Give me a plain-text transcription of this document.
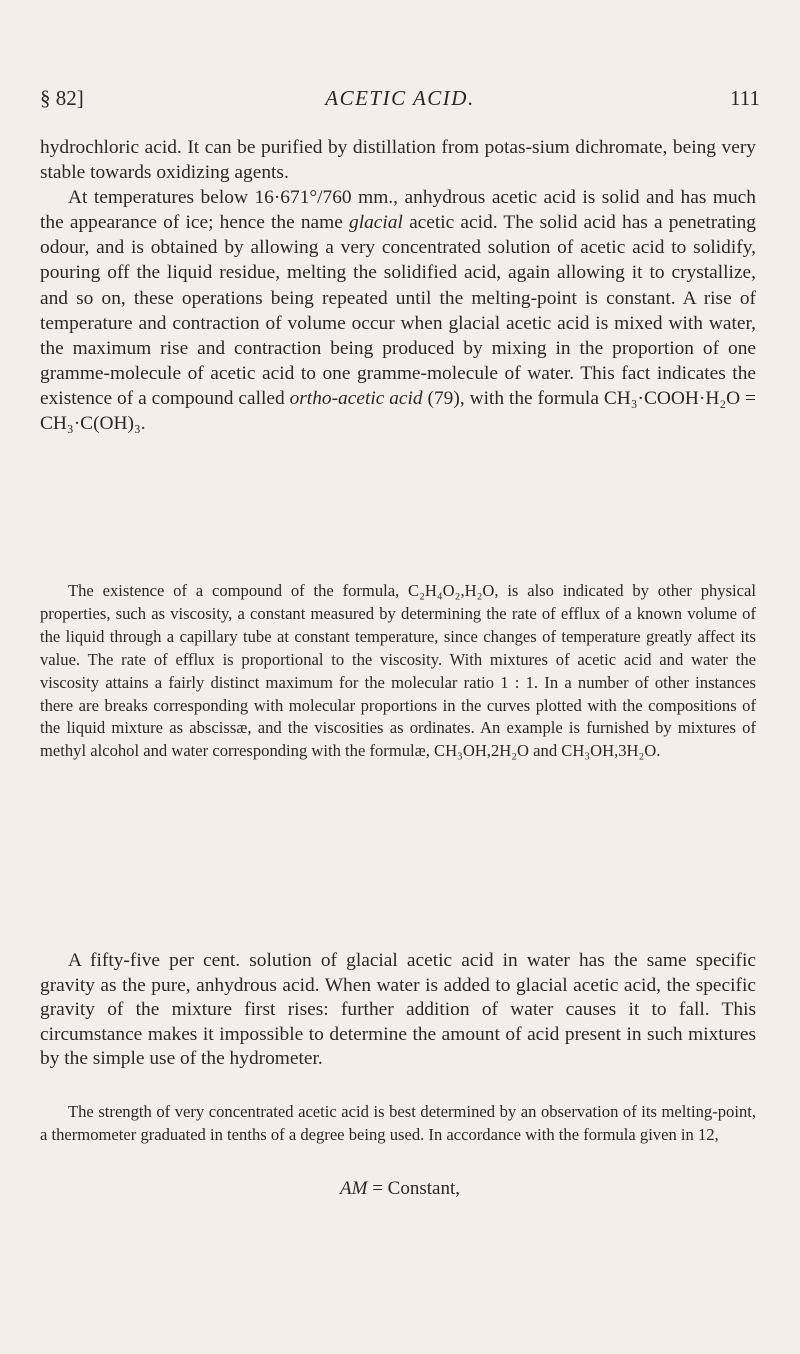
§ 82]	ACETIC ACID.	111

hydrochloric acid. It can be purified by distillation from potas-sium dichromate, being very stable towards oxidizing agents.

At temperatures below 16·671°/760 mm., anhydrous acetic acid is solid and has much the appearance of ice; hence the name glacial acetic acid. The solid acid has a penetrating odour, and is obtained by allowing a very concentrated solution of acetic acid to solidify, pouring off the liquid residue, melting the solidified acid, again allowing it to crystallize, and so on, these operations being repeated until the melting-point is constant. A rise of temperature and contraction of volume occur when glacial acetic acid is mixed with water, the maximum rise and contraction being produced by mixing in the proportion of one gramme-molecule of acetic acid to one gramme-molecule of water. This fact indicates the existence of a compound called ortho-acetic acid (79), with the formula CH₃·COOH·H₂O = CH₃·C(OH)₃.

The existence of a compound of the formula, C₂H₄O₂,H₂O, is also indicated by other physical properties, such as viscosity, a constant measured by determining the rate of efflux of a known volume of the liquid through a capillary tube at constant temperature, since changes of temperature greatly affect its value. The rate of efflux is proportional to the viscosity. With mixtures of acetic acid and water the viscosity attains a fairly distinct maximum for the molecular ratio 1 : 1. In a number of other instances there are breaks corresponding with molecular proportions in the curves plotted with the compositions of the liquid mixture as abscissæ, and the viscosities as ordinates. An example is furnished by mixtures of methyl alcohol and water corresponding with the formulæ, CH₃OH,2H₂O and CH₃OH,3H₂O.
A fifty-five per cent. solution of glacial acetic acid in water has the same specific gravity as the pure, anhydrous acid. When water is added to glacial acetic acid, the specific gravity of the mixture first rises: further addition of water causes it to fall. This circumstance makes it impossible to determine the amount of acid present in such mixtures by the simple use of the hydrometer.
The strength of very concentrated acetic acid is best determined by an observation of its melting-point, a thermometer graduated in tenths of a degree being used. In accordance with the formula given in 12,
AM = Constant,
